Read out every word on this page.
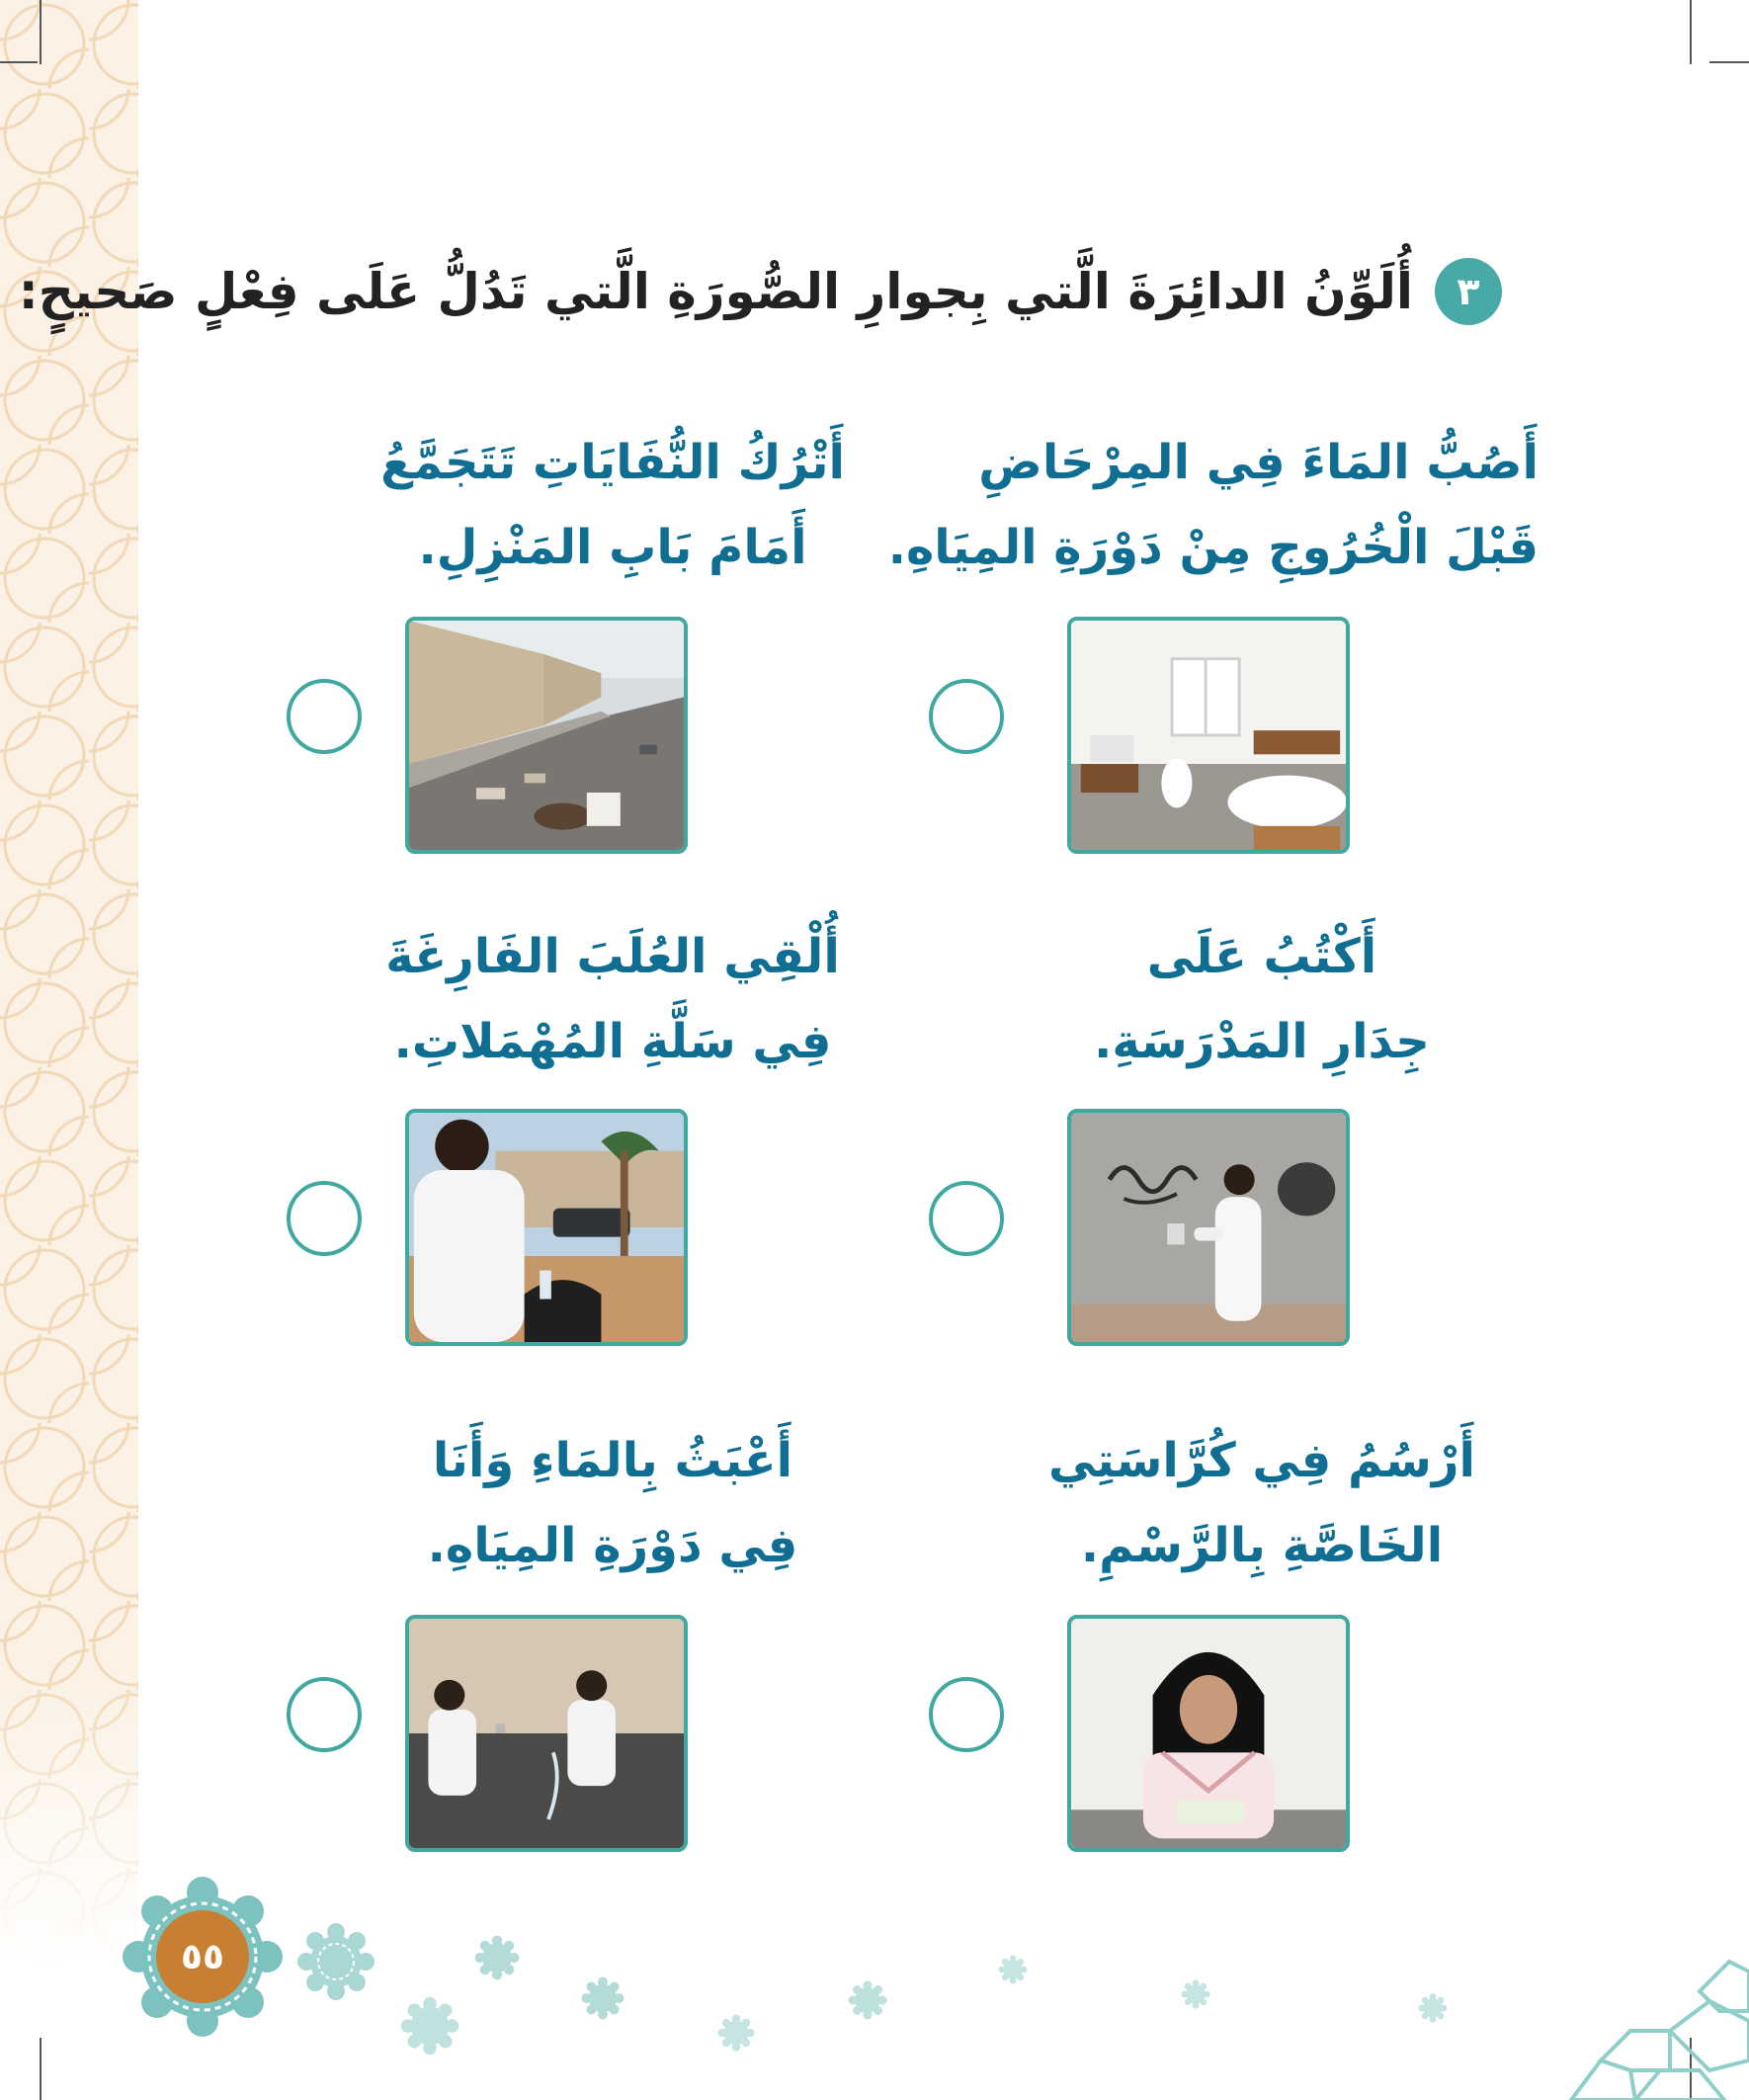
٣
أُلَوِّنُ الدائِرَةَ الَّتي بِجوارِ الصُّورَةِ الَّتي تَدُلُّ عَلَى فِعْلٍ صَحيحٍ:
أَصُبُّ المَاءَ فِي المِرْحَاضِ
قَبْلَ الْخُرُوجِ مِنْ دَوْرَةِ المِيَاهِ.
أَتْرُكُ النُّفَايَاتِ تَتَجَمَّعُ
أَمَامَ بَابِ المَنْزِلِ.
أَكْتُبُ عَلَى
جِدَارِ المَدْرَسَةِ.
أُلْقِي العُلَبَ الفَارِغَةَ
فِي سَلَّةِ المُهْمَلاتِ.
أَرْسُمُ فِي كُرَّاسَتِي
الخَاصَّةِ بِالرَّسْمِ.
أَعْبَثُ بِالمَاءِ وَأَنَا
فِي دَوْرَةِ المِيَاهِ.
٥٥
